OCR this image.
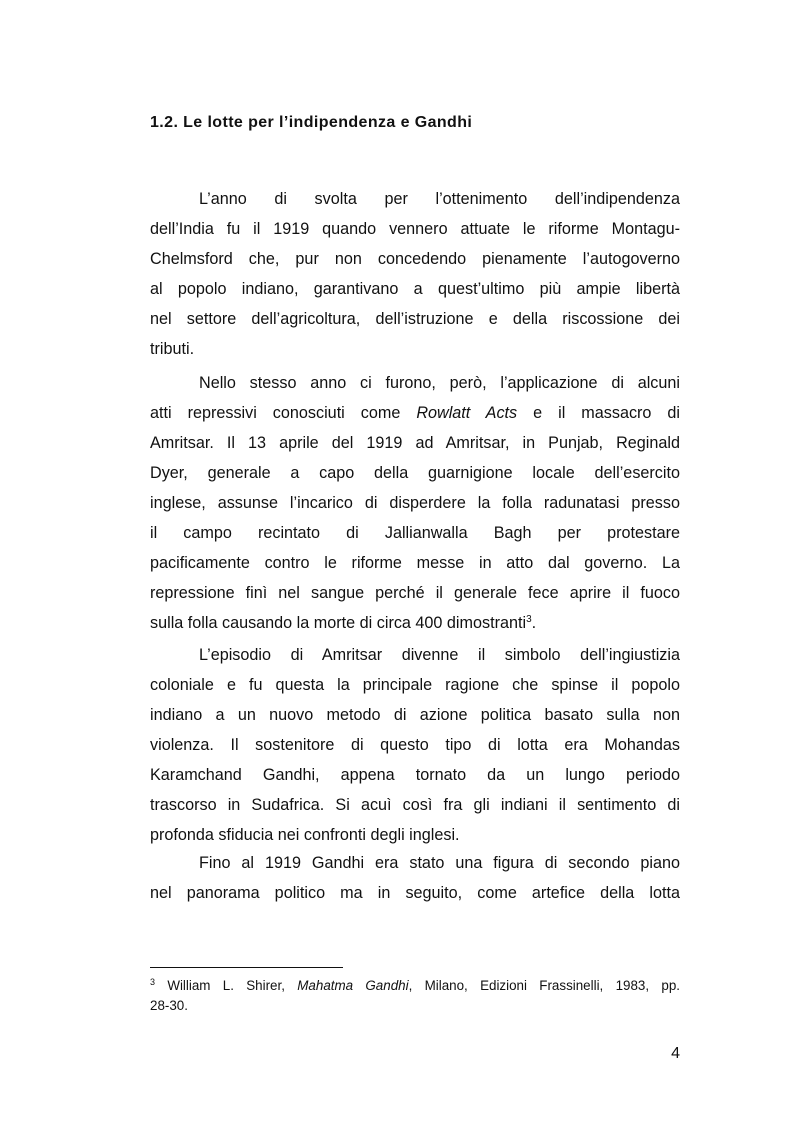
1.2. Le lotte per l’indipendenza e Gandhi
L’anno di svolta per l’ottenimento dell’indipendenza
dell’India fu il 1919 quando vennero attuate le riforme Montagu-
Chelmsford che, pur non concedendo pienamente l’autogoverno
al popolo indiano, garantivano a quest’ultimo più ampie libertà
nel settore dell’agricoltura, dell’istruzione e della riscossione dei
tributi.
Nello stesso anno ci furono, però, l’applicazione di alcuni
atti repressivi conosciuti come Rowlatt Acts e il massacro di
Amritsar. Il 13 aprile del 1919 ad Amritsar, in Punjab, Reginald
Dyer, generale a capo della guarnigione locale dell’esercito
inglese, assunse l’incarico di disperdere la folla radunatasi presso
il campo recintato di Jallianwalla Bagh per protestare
pacificamente contro le riforme messe in atto dal governo. La
repressione finì nel sangue perché il generale fece aprire il fuoco
sulla folla causando la morte di circa 400 dimostranti$^3$.
L’episodio di Amritsar divenne il simbolo dell’ingiustizia
coloniale e fu questa la principale ragione che spinse il popolo
indiano a un nuovo metodo di azione politica basato sulla non
violenza. Il sostenitore di questo tipo di lotta era Mohandas
Karamchand Gandhi, appena tornato da un lungo periodo
trascorso in Sudafrica. Si acuì così fra gli indiani il sentimento di
profonda sfiducia nei confronti degli inglesi.
Fino al 1919 Gandhi era stato una figura di secondo piano
nel panorama politico ma in seguito, come artefice della lotta
$^3$ William L. Shirer, Mahatma Gandhi, Milano, Edizioni Frassinelli, 1983, pp.
28-30.
4
